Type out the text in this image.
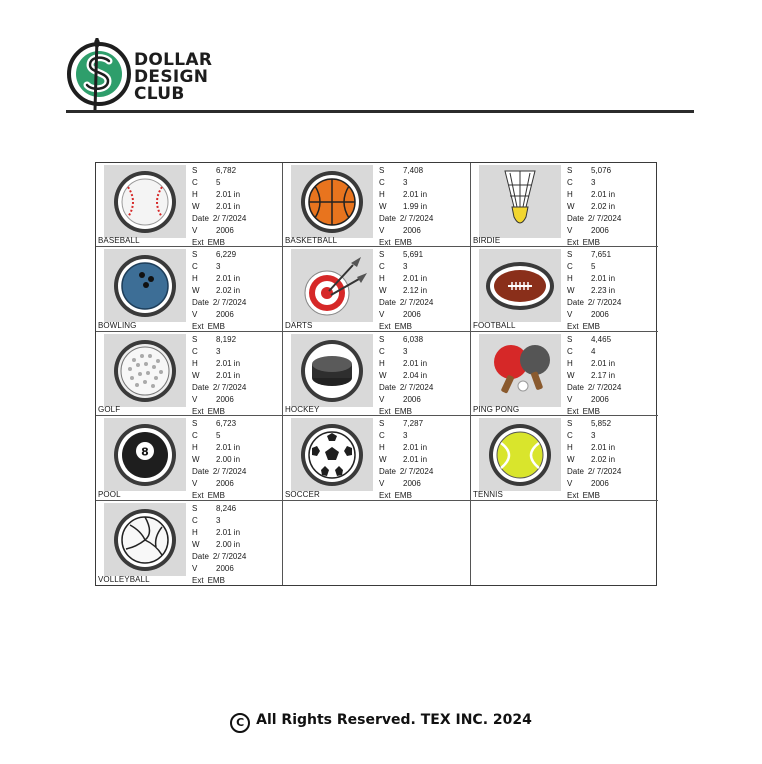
DOLLAR
DESIGN
CLUB
BASEBALL
S	6,782
C	5
H	2.01 in
W	2.01 in
Date 2/ 7/2024
V	2006
Ext EMB	BASKETBALL
S	7,408
C	3
H	2.01 in
W	1.99 in
Date 2/ 7/2024
V	2006
Ext EMB	BIRDIE
S	5,076
C	3
H	2.01 in
W	2.02 in
Date 2/ 7/2024
V	2006
Ext EMB
BOWLING
S	6,229
C	3
H	2.01 in
W	2.02 in
Date 2/ 7/2024
V	2006
Ext EMB	DARTS
S	5,691
C	3
H	2.01 in
W	2.12 in
Date 2/ 7/2024
V	2006
Ext EMB	FOOTBALL
S	7,651
C	5
H	2.01 in
W	2.23 in
Date 2/ 7/2024
V	2006
Ext EMB
GOLF
S	8,192
C	3
H	2.01 in
W	2.01 in
Date 2/ 7/2024
V	2006
Ext EMB	HOCKEY
S	6,038
C	3
H	2.01 in
W	2.04 in
Date 2/ 7/2024
V	2006
Ext EMB	PING PONG
S	4,465
C	4
H	2.01 in
W	2.17 in
Date 2/ 7/2024
V	2006
Ext EMB
8
POOL
S	6,723
C	5
H	2.01 in
W	2.00 in
Date 2/ 7/2024
V	2006
Ext EMB	SOCCER
S	7,287
C	3
H	2.01 in
W	2.01 in
Date 2/ 7/2024
V	2006
Ext EMB	TENNIS
S	5,852
C	3
H	2.01 in
W	2.02 in
Date 2/ 7/2024
V	2006
Ext EMB
VOLLEYBALL
S	8,246
C	3
H	2.01 in
W	2.00 in
Date 2/ 7/2024
V	2006
Ext EMB
C All Rights Reserved. TEX INC. 2024
